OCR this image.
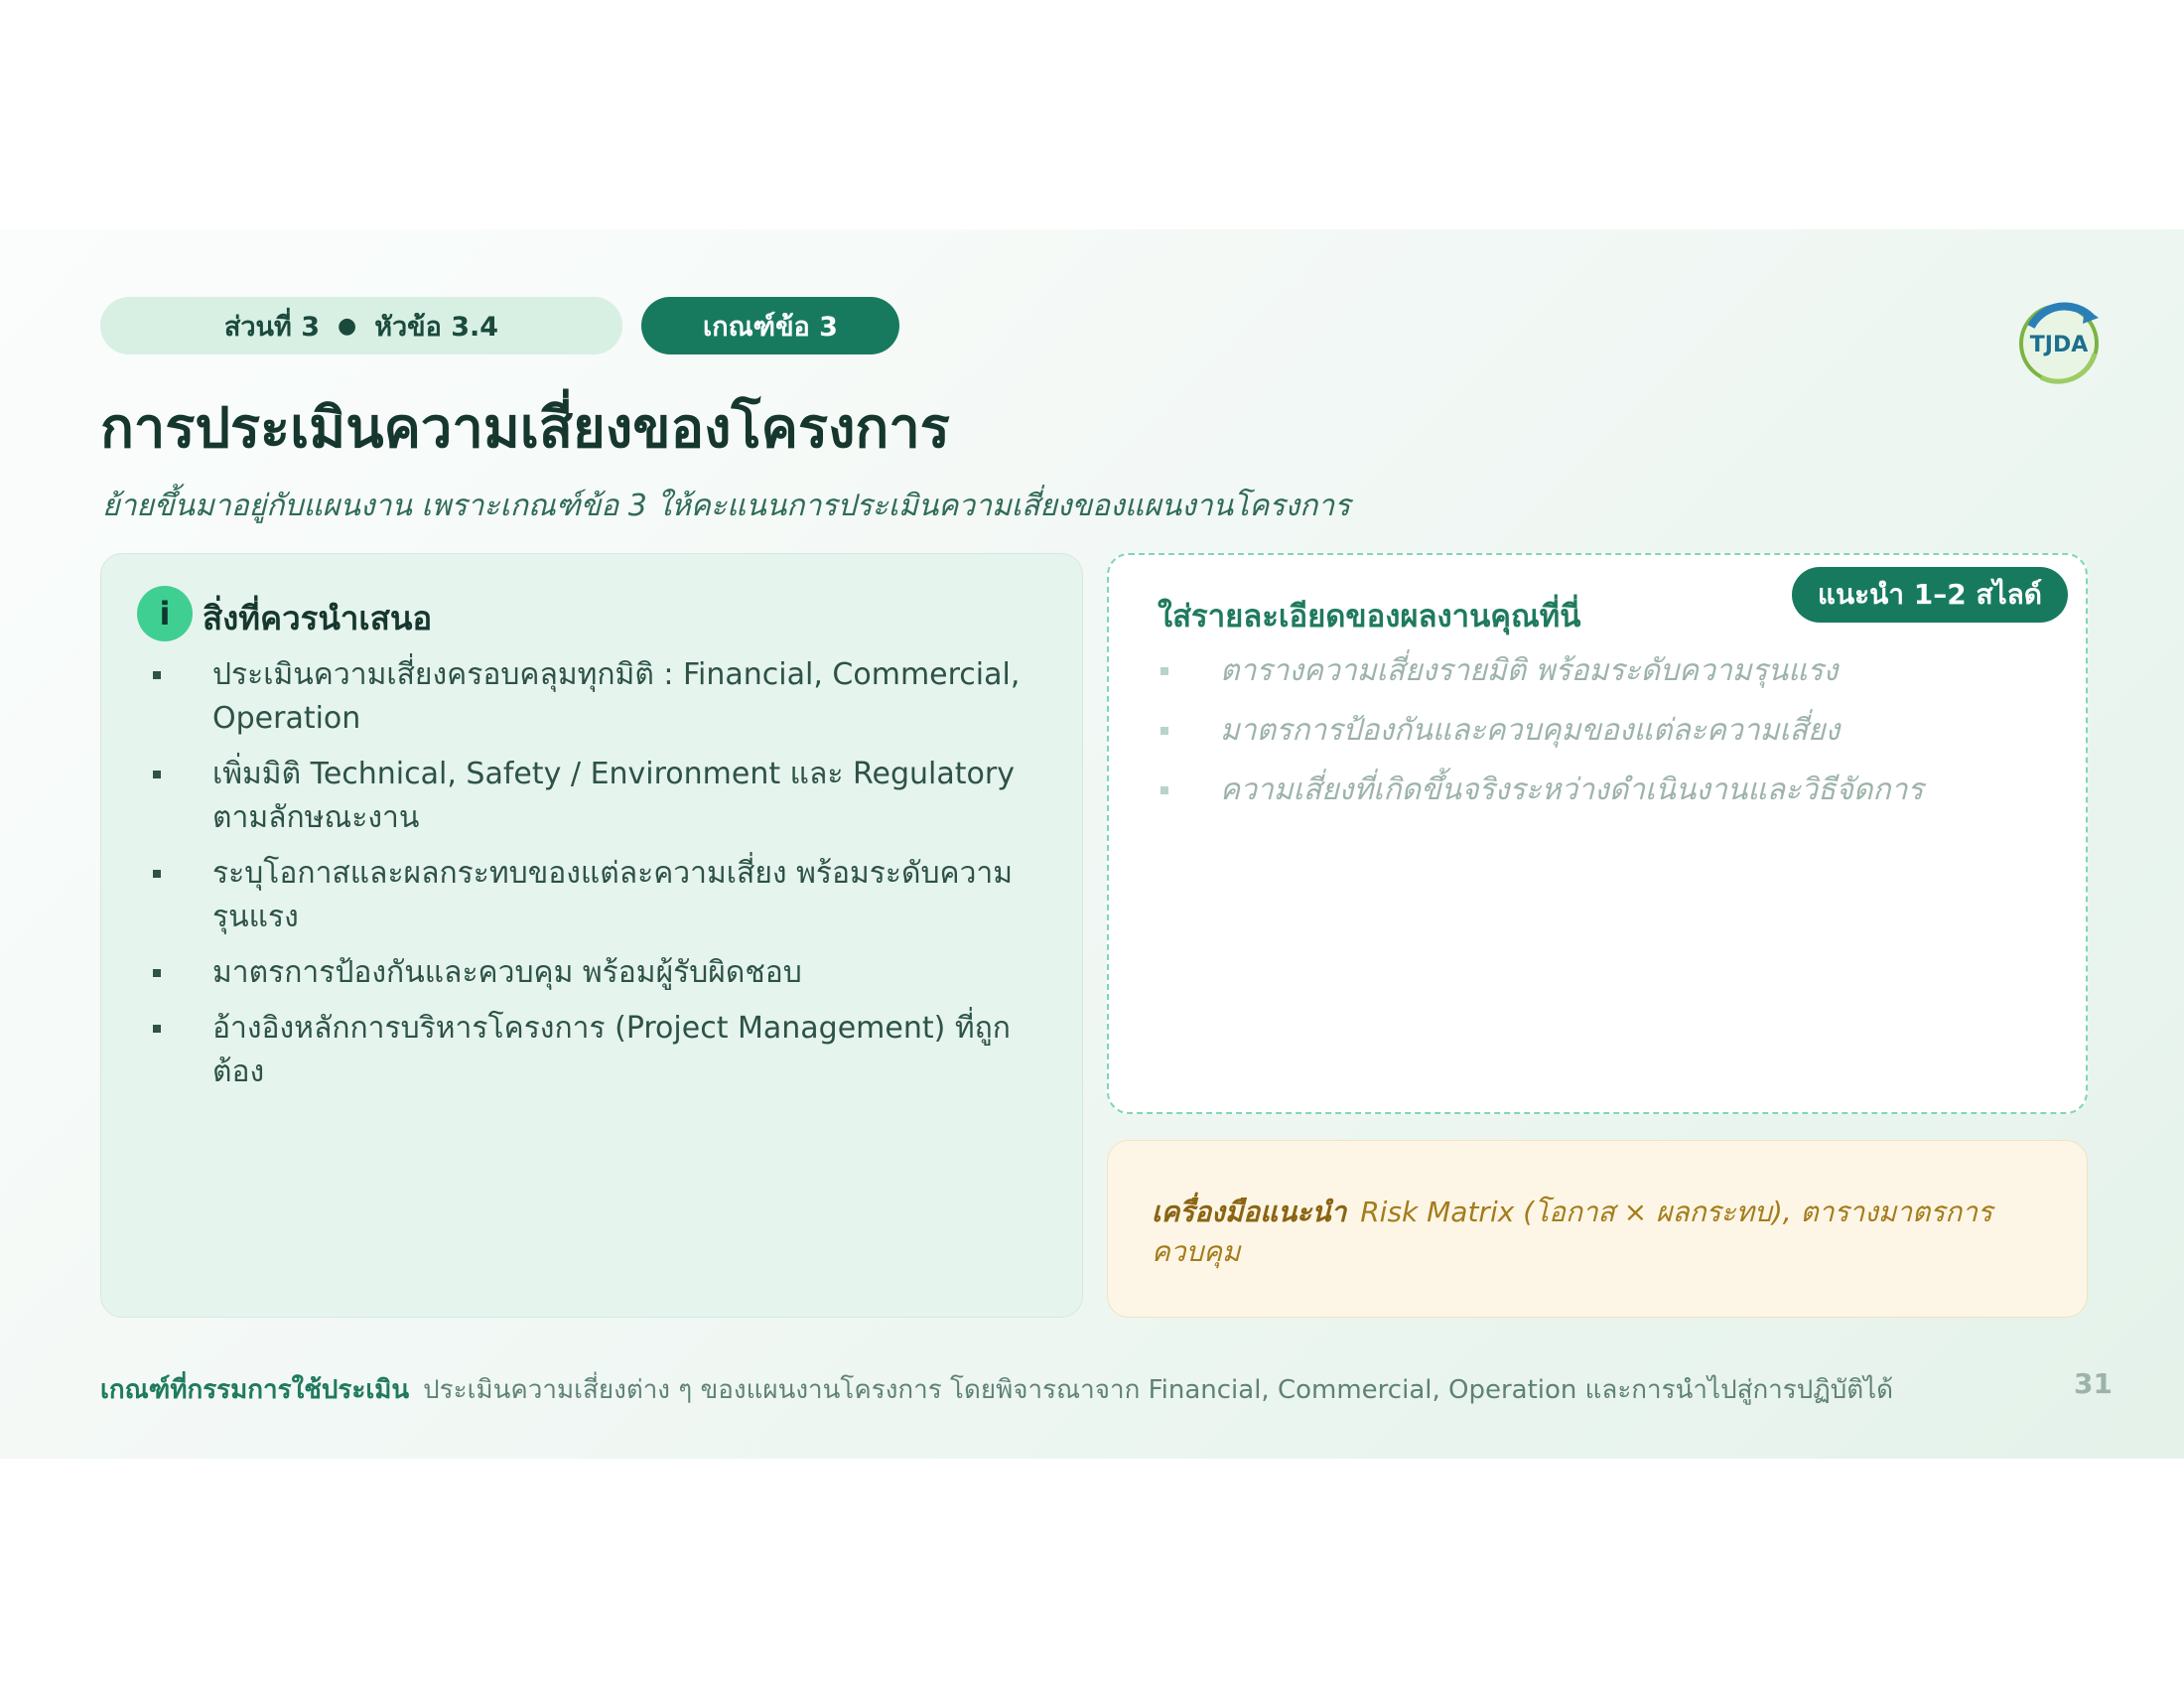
ส่วนที่ 3 ● หัวข้อ 3.4	เกณฑ์ข้อ 3
TJDA
การประเมินความเสี่ยงของโครงการ
ย้ายขึ้นมาอยู่กับแผนงาน เพราะเกณฑ์ข้อ 3 ให้คะแนนการประเมินความเสี่ยงของแผนงานโครงการ
i สิ่งที่ควรนำเสนอ
ประเมินความเสี่ยงครอบคลุมทุกมิติ : Financial, Commercial, Operation
เพิ่มมิติ Technical, Safety / Environment และ Regulatory ตามลักษณะงาน
ระบุโอกาสและผลกระทบของแต่ละความเสี่ยง พร้อมระดับความรุนแรง
มาตรการป้องกันและควบคุม พร้อมผู้รับผิดชอบ
อ้างอิงหลักการบริหารโครงการ (Project Management) ที่ถูกต้อง
ใส่รายละเอียดของผลงานคุณที่นี่
แนะนำ 1–2 สไลด์
ตารางความเสี่ยงรายมิติ พร้อมระดับความรุนแรง
มาตรการป้องกันและควบคุมของแต่ละความเสี่ยง
ความเสี่ยงที่เกิดขึ้นจริงระหว่างดำเนินงานและวิธีจัดการ
เครื่องมือแนะนำ Risk Matrix (โอกาส × ผลกระทบ), ตารางมาตรการควบคุม
เกณฑ์ที่กรรมการใช้ประเมิน ประเมินความเสี่ยงต่าง ๆ ของแผนงานโครงการ โดยพิจารณาจาก Financial, Commercial, Operation และการนำไปสู่การปฏิบัติได้	31
